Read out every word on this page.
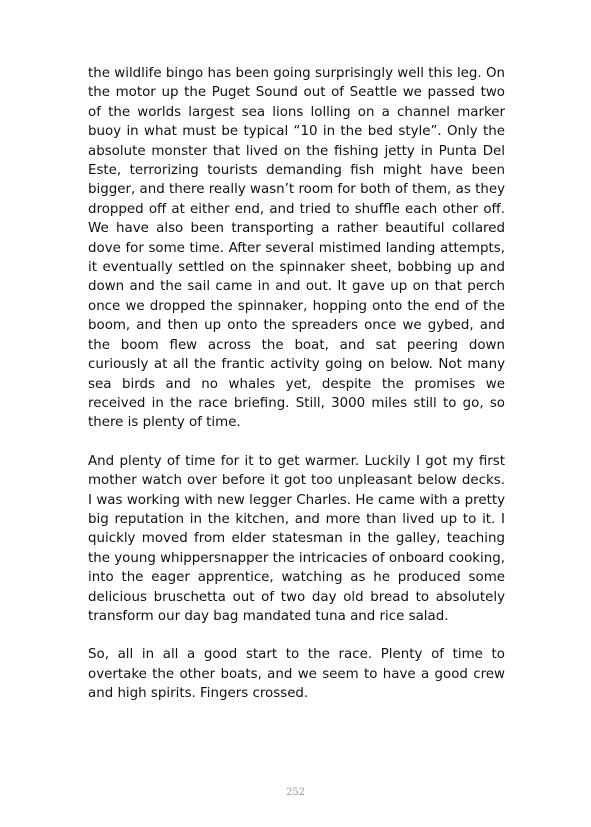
the wildlife bingo has been going surprisingly well this leg. On the motor up the Puget Sound out of Seattle we passed two of the worlds largest sea lions lolling on a channel marker buoy in what must be typical “10 in the bed style”. Only the absolute monster that lived on the fishing jetty in Punta Del Este, terrorizing tourists demanding fish might have been bigger, and there really wasn’t room for both of them, as they dropped off at either end, and tried to shuffle each other off. We have also been transporting a rather beautiful collared dove for some time. After several mistimed landing attempts, it eventually settled on the spinnaker sheet, bobbing up and down and the sail came in and out. It gave up on that perch once we dropped the spinnaker, hopping onto the end of the boom, and then up onto the spreaders once we gybed, and the boom flew across the boat, and sat peering down curiously at all the frantic activity going on below. Not many sea birds and no whales yet, despite the promises we received in the race briefing. Still, 3000 miles still to go, so there is plenty of time.

And plenty of time for it to get warmer. Luckily I got my first mother watch over before it got too unpleasant below decks. I was working with new legger Charles. He came with a pretty big reputation in the kitchen, and more than lived up to it. I quickly moved from elder statesman in the galley, teaching the young whippersnapper the intricacies of onboard cooking, into the eager apprentice, watching as he produced some delicious bruschetta out of two day old bread to absolutely transform our day bag mandated tuna and rice salad.

So, all in all a good start to the race. Plenty of time to overtake the other boats, and we seem to have a good crew and high spirits. Fingers crossed.

252
